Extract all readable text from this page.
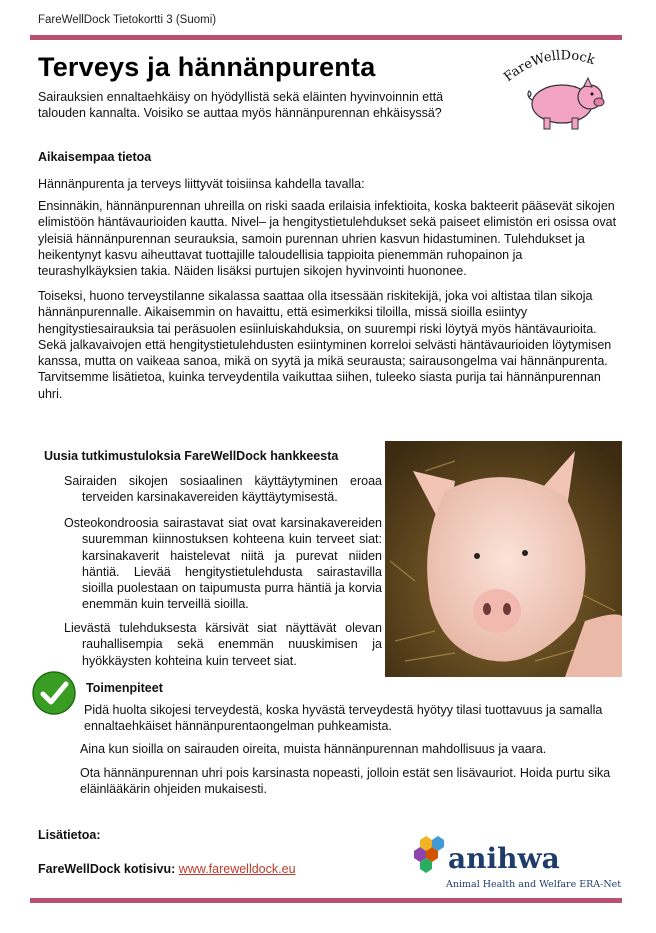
FareWellDock Tietokortti 3 (Suomi)
Terveys ja hännänpurenta
Sairauksien ennaltaehkäisy on hyödyllistä sekä eläinten hyvinvoinnin että talouden kannalta. Voisiko se auttaa myös hännänpurennan ehkäisyssä?
FareWellDock
Aikaisempaa tietoa
Hännänpurenta ja terveys liittyvät toisiinsa kahdella tavalla:
Ensinnäkin, hännänpurennan uhreilla on riski saada erilaisia infektioita, koska bakteerit pääsevät sikojen elimistöön häntävaurioiden kautta. Nivel– ja hengitystietulehdukset sekä paiseet elimistön eri osissa ovat yleisiä hännänpurennan seurauksia, samoin purennan uhrien kasvun hidastuminen. Tulehdukset ja heikentynyt kasvu aiheuttavat tuottajille taloudellisia tappioita pienemmän ruhopainon ja teurashylkäyksien takia. Näiden lisäksi purtujen sikojen hyvinvointi huononee.
Toiseksi, huono terveystilanne sikalassa saattaa olla itsessään riskitekijä, joka voi altistaa tilan sikoja hännänpurennalle. Aikaisemmin on havaittu, että esimerkiksi tiloilla, missä sioilla esiintyy hengitystiesairauksia tai peräsuolen esiinluiskahduksia, on suurempi riski löytyä myös häntävaurioita. Sekä jalkavaivojen että hengitystietulehdusten esiintyminen korreloi selvästi häntävaurioiden löytymisen kanssa, mutta on vaikeaa sanoa, mikä on syytä ja mikä seurausta; sairausongelma vai hännänpurenta. Tarvitsemme lisätietoa, kuinka terveydentila vaikuttaa siihen, tuleeko siasta purija tai hännänpurennan uhri.
Uusia tutkimustuloksia FareWellDock hankkeesta

Sairaiden sikojen sosiaalinen käyttäytyminen eroaa terveiden karsinakavereiden käyttäytymisestä.

Osteokondroosia sairastavat siat ovat karsinakavereiden suuremman kiinnostuksen kohteena kuin terveet siat: karsinakaverit haistelevat niitä ja purevat niiden häntiä. Lievää hengitystietulehdusta sairastavilla sioilla puolestaan on taipumusta purra häntiä ja korvia enemmän kuin terveillä sioilla.

Lievästä tulehduksesta kärsivät siat näyttävät olevan rauhallisempia sekä enemmän nuuskimisen ja hyökkäysten kohteina kuin terveet siat.

Toimenpiteet
Pidä huolta sikojesi terveydestä, koska hyvästä terveydestä hyötyy tilasi tuottavuus ja samalla ennaltaehkäiset hännänpurentaongelman puhkeamista.
Aina kun sioilla on sairauden oireita, muista hännänpurennan mahdollisuus ja vaara.
Ota hännänpurennan uhri pois karsinasta nopeasti, jolloin estät sen lisävauriot. Hoida purtu sika eläinlääkärin ohjeiden mukaisesti.
Lisätietoa:
FareWellDock kotisivu: www.farewelldock.eu	anihwa
Animal Health and Welfare ERA-Net
